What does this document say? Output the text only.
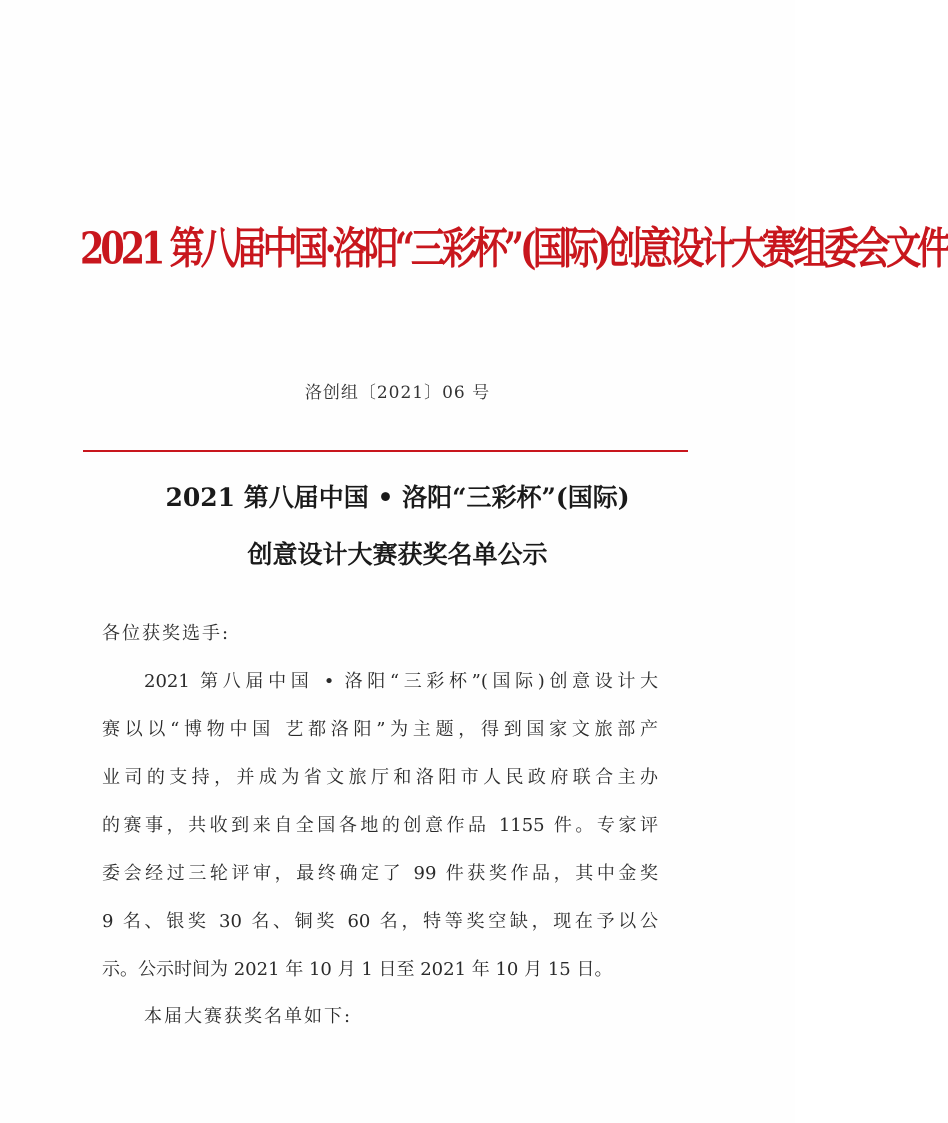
2021 第八届中国·洛阳“三彩杯”(国际)创意设计大赛组委会文件
洛创组〔2021〕06 号
2021 第八届中国 • 洛阳“三彩杯”(国际)
创意设计大赛获奖名单公示
各位获奖选手:
2021 第八届中国 • 洛阳“三彩杯”(国际)创意设计大
赛以以“博物中国 艺都洛阳”为主题，得到国家文旅部产
业司的支持，并成为省文旅厅和洛阳市人民政府联合主办
的赛事，共收到来自全国各地的创意作品 1155 件。专家评
委会经过三轮评审，最终确定了 99 件获奖作品，其中金奖
9 名、银奖 30 名、铜奖 60 名，特等奖空缺，现在予以公
示。公示时间为 2021 年 10 月 1 日至 2021 年 10 月 15 日。
本届大赛获奖名单如下:
